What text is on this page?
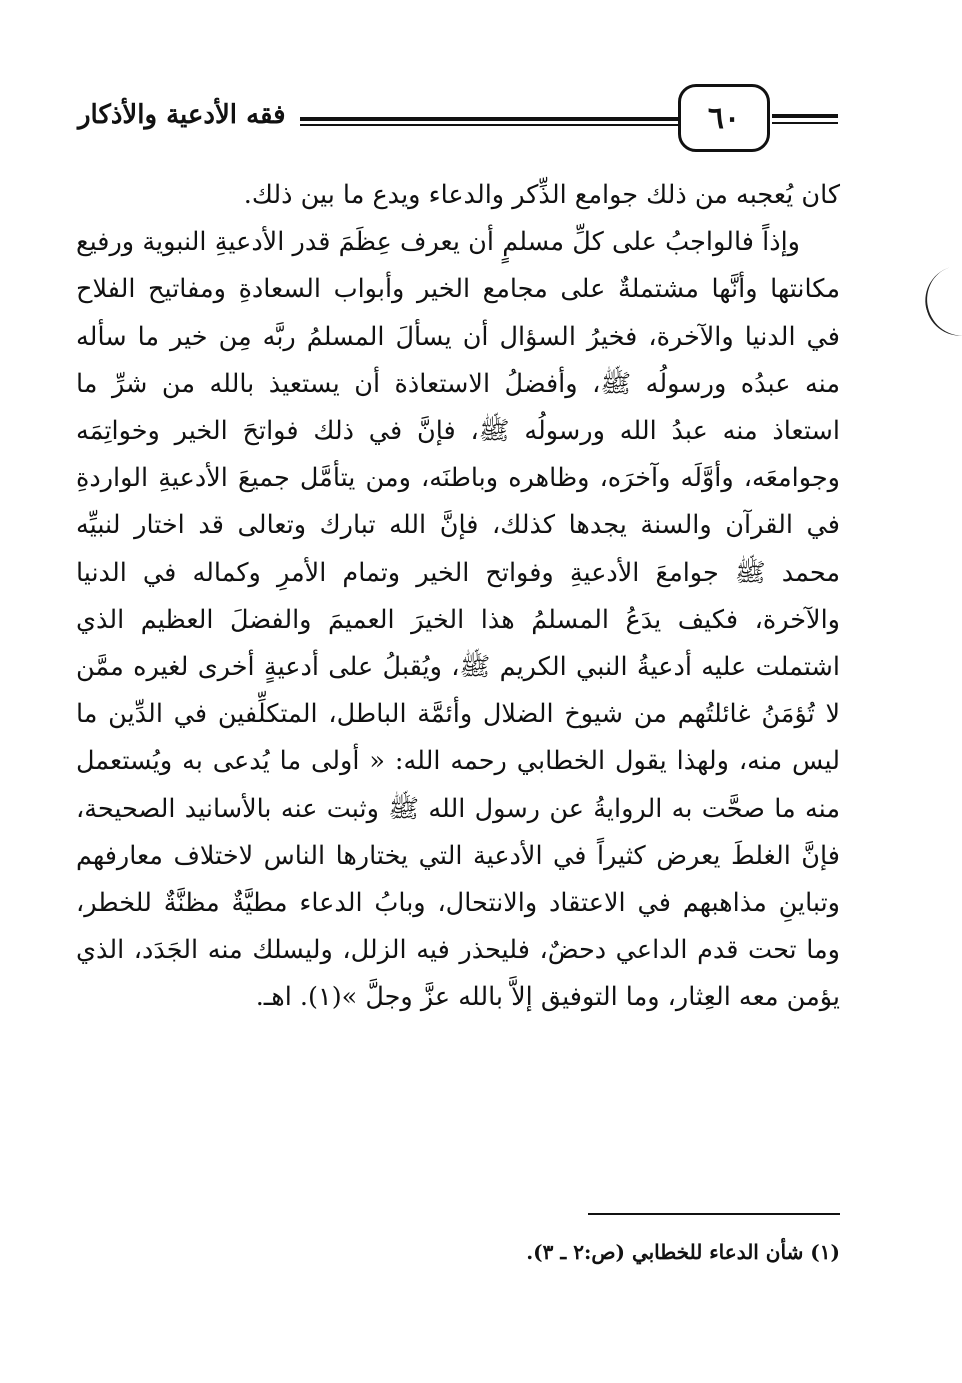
٦٠
فقه الأدعية والأذكار

كان يُعجبه من ذلك جوامع الذِّكر والدعاء ويدع ما بين ذلك.

وإذاً فالواجبُ على كلِّ مسلمٍ أن يعرف عِظَمَ قدر الأدعيةِ النبوية ورفيع مكانتها وأنَّها مشتملةٌ على مجامع الخير وأبواب السعادةِ ومفاتيح الفلاح في الدنيا والآخرة، فخيرُ السؤال أن يسألَ المسلمُ ربَّه مِن خير ما سأله منه عبدُه ورسولُه ﷺ، وأفضلُ الاستعاذة أن يستعيذ بالله من شرِّ ما استعاذ منه عبدُ الله ورسولُه ﷺ، فإنَّ في ذلك فواتحَ الخير وخواتِمَه وجوامعَه، وأوَّلَه وآخرَه، وظاهره وباطنَه، ومن يتأمَّل جميعَ الأدعيةِ الواردةِ في القرآن والسنة يجدها كذلك، فإنَّ الله تبارك وتعالى قد اختار لنبيِّه محمد ﷺ جوامعَ الأدعيةِ وفواتح الخير وتمام الأمرِ وكماله في الدنيا والآخرة، فكيف يدَعُ المسلمُ هذا الخيرَ العميمَ والفضلَ العظيم الذي اشتملت عليه أدعيةُ النبي الكريم ﷺ، ويُقبلُ على أدعيةٍ أخرى لغيره ممَّن لا تُؤمَنُ غائلتُهم من شيوخ الضلال وأئمَّة الباطل، المتكلِّفين في الدِّين ما ليس منه، ولهذا يقول الخطابي رحمه الله: « أولى ما يُدعى به ويُستعمل منه ما صحَّت به الروايةُ عن رسول الله ﷺ وثبت عنه بالأسانيد الصحيحة، فإنَّ الغلطَ يعرض كثيراً في الأدعية التي يختارها الناس لاختلاف معارفهم وتباينِ مذاهبهم في الاعتقاد والانتحال، وبابُ الدعاء مطيَّةٌ مظنَّةٌ للخطر، وما تحت قدم الداعي دحضٌ، فليحذر فيه الزلل، وليسلك منه الجَدَد، الذي يؤمن معه العِثار، وما التوفيق إلاَّ بالله عزَّ وجلَّ »(١). اهـ.

(١) شأن الدعاء للخطابي (ص:٢ ـ ٣).
